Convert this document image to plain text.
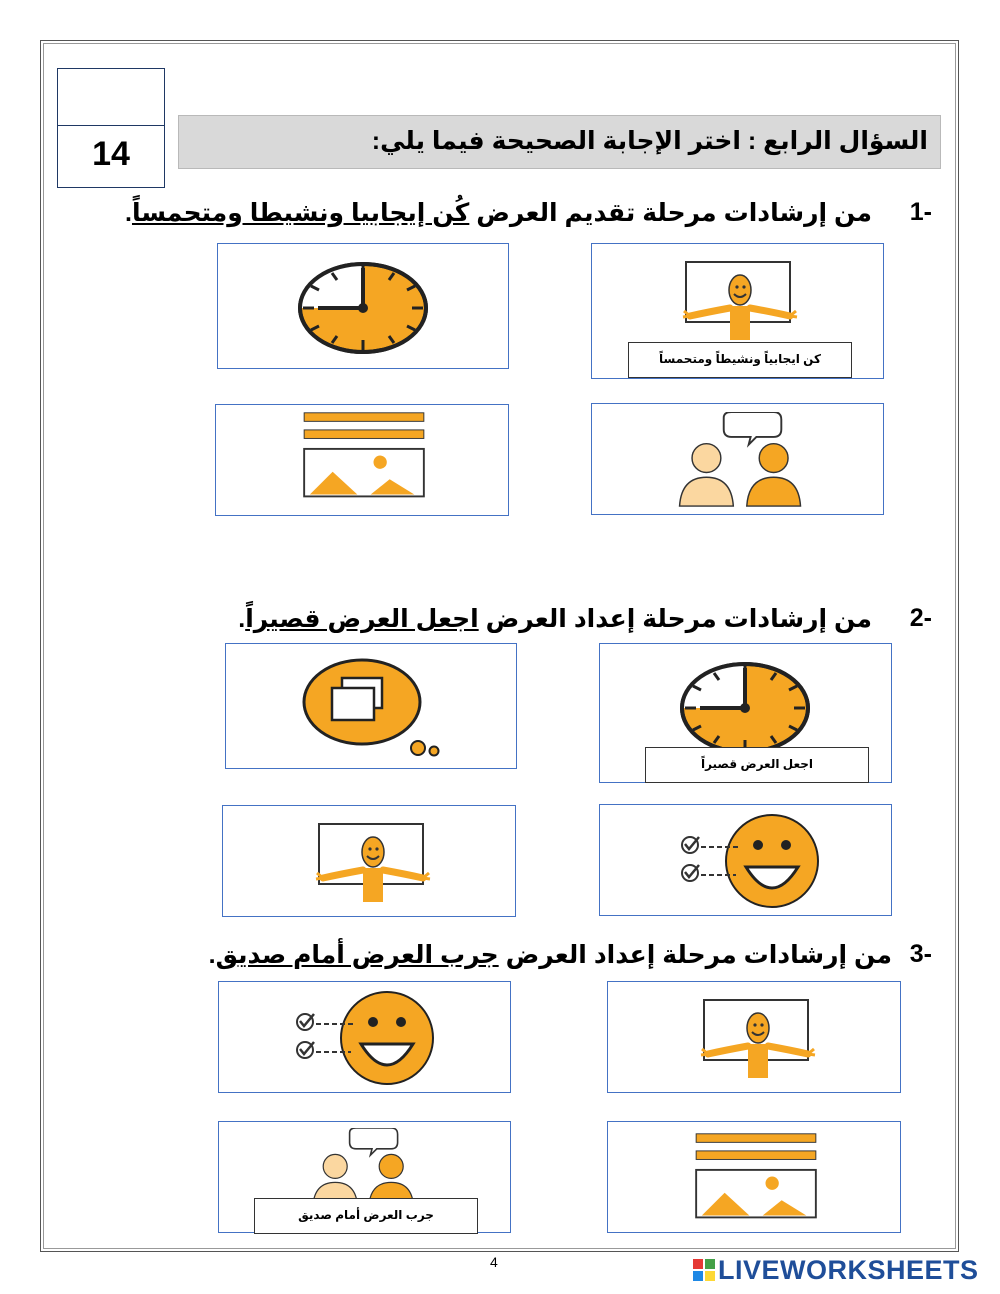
14	السؤال الرابع : اختر الإجابة الصحيحة فيما يلي:
1-
من إرشادات مرحلة تقديم العرض كُن إيجابيا ونشيطا ومتحمساً.
كن ايجابياً ونشيطاً ومتحمساً
2-
من إرشادات مرحلة إعداد العرض اجعل العرض قصيراً.
اجعل العرض قصيراً
3-
من إرشادات مرحلة إعداد العرض جرب العرض أمام صديق.
جرب العرض أمام صديق
4	LIVEWORKSHEETS
